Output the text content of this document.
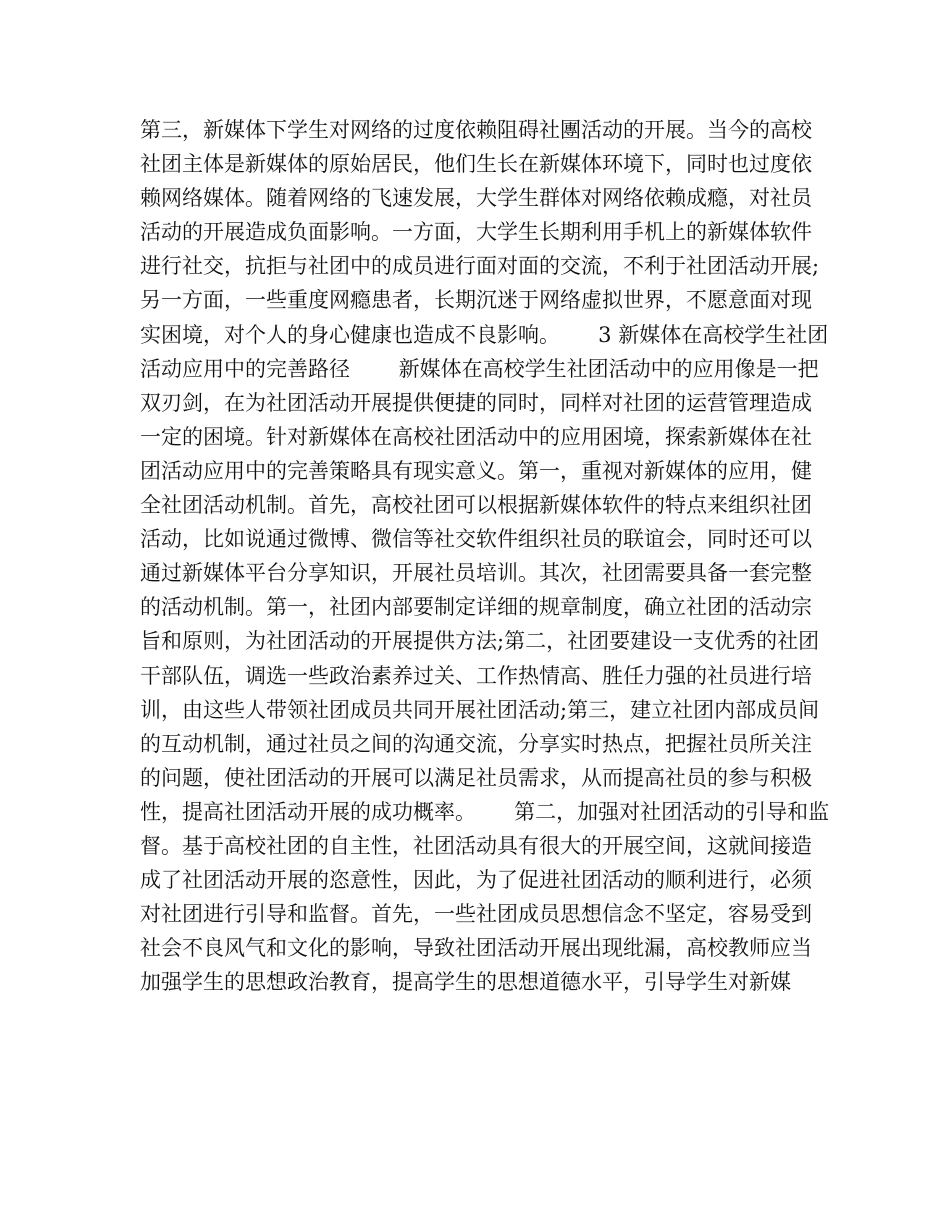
第三，新媒体下学生对网络的过度依赖阻碍社團活动的开展。当今的高校社团主体是新媒体的原始居民，他们生长在新媒体环境下，同时也过度依赖网络媒体。随着网络的飞速发展，大学生群体对网络依赖成瘾，对社员活动的开展造成负面影响。一方面，大学生长期利用手机上的新媒体软件进行社交，抗拒与社团中的成员进行面对面的交流，不利于社团活动开展;另一方面，一些重度网瘾患者，长期沉迷于网络虚拟世界，不愿意面对现实困境，对个人的身心健康也造成不良影响。　　 3 新媒体在高校学生社团活动应用中的完善路径　　 新媒体在高校学生社团活动中的应用像是一把双刃剑，在为社团活动开展提供便捷的同时，同样对社团的运营管理造成一定的困境。针对新媒体在高校社团活动中的应用困境，探索新媒体在社团活动应用中的完善策略具有现实意义。第一，重视对新媒体的应用，健全社团活动机制。首先，高校社团可以根据新媒体软件的特点来组织社团活动，比如说通过微博、微信等社交软件组织社员的联谊会，同时还可以通过新媒体平台分享知识，开展社员培训。其次，社团需要具备一套完整的活动机制。第一，社团内部要制定详细的规章制度，确立社团的活动宗旨和原则，为社团活动的开展提供方法;第二，社团要建设一支优秀的社团干部队伍，调选一些政治素养过关、工作热情高、胜任力强的社员进行培训，由这些人带领社团成员共同开展社团活动;第三，建立社团内部成员间的互动机制，通过社员之间的沟通交流，分享实时热点，把握社员所关注的问题，使社团活动的开展可以满足社员需求，从而提高社员的参与积极性，提高社团活动开展的成功概率。　　 第二，加强对社团活动的引导和监督。基于高校社团的自主性，社团活动具有很大的开展空间，这就间接造成了社团活动开展的恣意性，因此，为了促进社团活动的顺利进行，必须对社团进行引导和监督。首先，一些社团成员思想信念不坚定，容易受到社会不良风气和文化的影响，导致社团活动开展出现纰漏，高校教师应当加强学生的思想政治教育，提高学生的思想道德水平，引导学生对新媒
